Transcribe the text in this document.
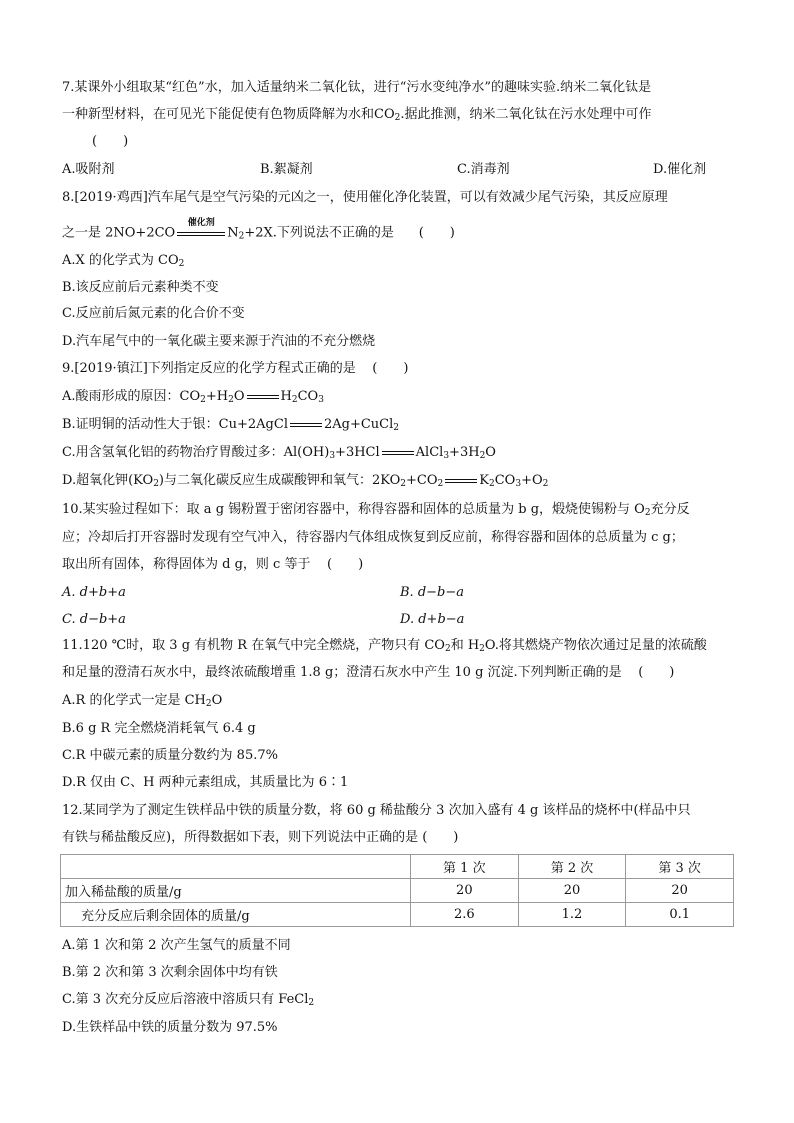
7.某课外小组取某“红色”水，加入适量纳米二氧化钛，进行“污水变纯净水”的趣味实验.纳米二氧化钛是
一种新型材料，在可见光下能促使有色物质降解为水和$CO_2$.据此推测，纳米二氧化钛在污水处理中可作
(　　)
A.吸附剂	B.絮凝剂	C.消毒剂	D.催化剂
8.[2019·鸡西]汽车尾气是空气污染的元凶之一，使用催化净化装置，可以有效减少尾气污染，其反应原理
之一是 2NO+2CO
催化剂
$N_2+2X$.下列说法不正确的是 (　　)
A.X 的化学式为 $CO_2$
B.该反应前后元素种类不变
C.反应前后氮元素的化合价不变
D.汽车尾气中的一氧化碳主要来源于汽油的不充分燃烧
9.[2019·镇江]下列指定反应的化学方程式正确的是 (　　)
A.酸雨形成的原因：$CO_2+H_2O$	$H_2CO_3$
B.证明铜的活动性大于银：Cu+2AgCl	2Ag+CuCl$_2$
C.用含氢氧化铝的药物治疗胃酸过多：$Al(OH)_3+3HCl$	$AlCl_3+3H_2O$
D.超氧化钾$(KO_2)$与二氧化碳反应生成碳酸钾和氧气：$2KO_2+CO_2$	$K_2CO_3+O_2$
10.某实验过程如下：取 a g 锡粉置于密闭容器中，称得容器和固体的总质量为 b g，煅烧使锡粉与 $O_2$充分反
应；冷却后打开容器时发现有空气冲入，待容器内气体组成恢复到反应前，称得容器和固体的总质量为 c g；
取出所有固体，称得固体为 d g，则 c 等于 (　　)
A. d+b+a	B. d−b−a
C. d−b+a	D. d+b−a
11.120 ℃时，取 3 g 有机物 R 在氧气中完全燃烧，产物只有 $CO_2$和 $H_2O$.将其燃烧产物依次通过足量的浓硫酸
和足量的澄清石灰水中，最终浓硫酸增重 1.8 g；澄清石灰水中产生 10 g 沉淀.下列判断正确的是 (　　)
A.R 的化学式一定是 $CH_2O$
B.6 g R 完全燃烧消耗氧气 6.4 g
C.R 中碳元素的质量分数约为 85.7%
D.R 仅由 C、H 两种元素组成，其质量比为 6∶1
12.某同学为了测定生铁样品中铁的质量分数，将 60 g 稀盐酸分 3 次加入盛有 4 g 该样品的烧杯中(样品中只
有铁与稀盐酸反应)，所得数据如下表，则下列说法中正确的是 (　　)
	第 1 次	第 2 次	第 3 次
加入稀盐酸的质量/g	20	20	20
充分反应后剩余固体的质量/g	2.6	1.2	0.1
A.第 1 次和第 2 次产生氢气的质量不同
B.第 2 次和第 3 次剩余固体中均有铁
C.第 3 次充分反应后溶液中溶质只有 FeCl$_2$
D.生铁样品中铁的质量分数为 97.5%
